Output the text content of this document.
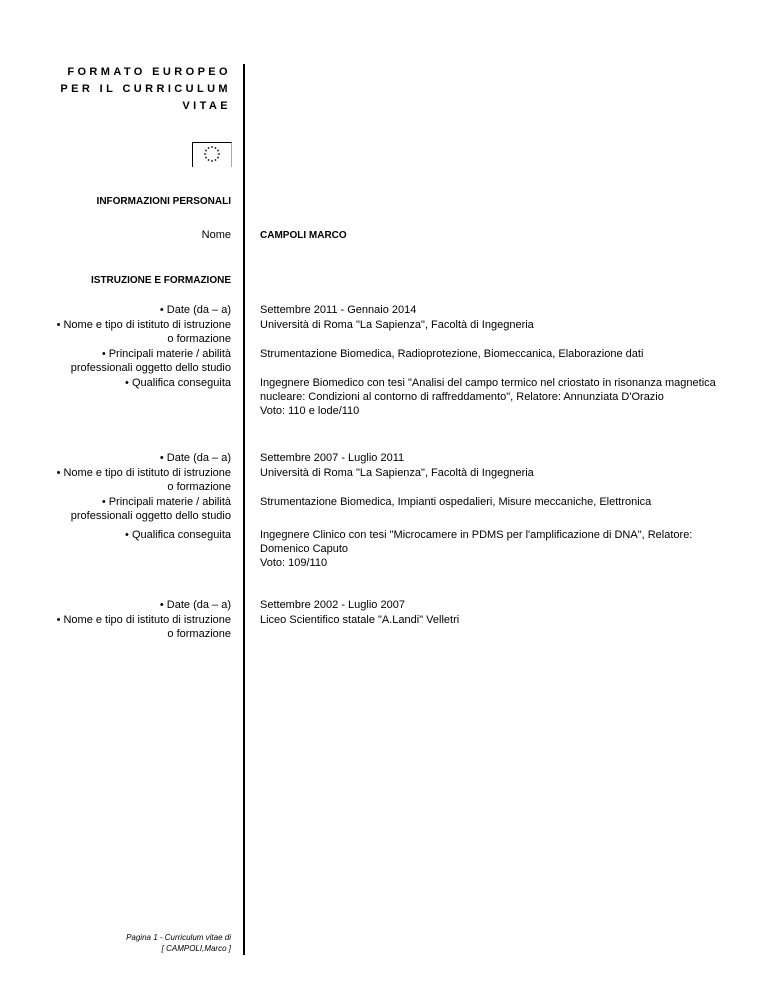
FORMATO EUROPEO
PER IL CURRICULUM
VITAE
INFORMAZIONI PERSONALI
Nome	CAMPOLI MARCO
ISTRUZIONE E FORMAZIONE
• Date (da – a)
• Nome e tipo di istituto di istruzione
o formazione
• Principali materie / abilità
professionali oggetto dello studio
• Qualifica conseguita
Settembre 2011 - Gennaio 2014
Università di Roma "La Sapienza", Facoltà di Ingegneria
Strumentazione Biomedica, Radioprotezione, Biomeccanica, Elaborazione dati
Ingegnere Biomedico con tesi "Analisi del campo termico nel criostato in risonanza magnetica
nucleare: Condizioni al contorno di raffreddamento", Relatore: Annunziata D'Orazio
Voto: 110 e lode/110
• Date (da – a)
• Nome e tipo di istituto di istruzione
o formazione
• Principali materie / abilità
professionali oggetto dello studio
• Qualifica conseguita
Settembre 2007 - Luglio 2011
Università di Roma "La Sapienza", Facoltà di Ingegneria
Strumentazione Biomedica, Impianti ospedalieri, Misure meccaniche, Elettronica
Ingegnere Clinico con tesi "Microcamere in PDMS per l'amplificazione di DNA", Relatore:
Domenico Caputo
Voto: 109/110
• Date (da – a)
• Nome e tipo di istituto di istruzione
o formazione
Settembre 2002 - Luglio 2007
Liceo Scientifico statale "A.Landi" Velletri
Pagina 1 - Curriculum vitae di
[ CAMPOLI,Marco ]
